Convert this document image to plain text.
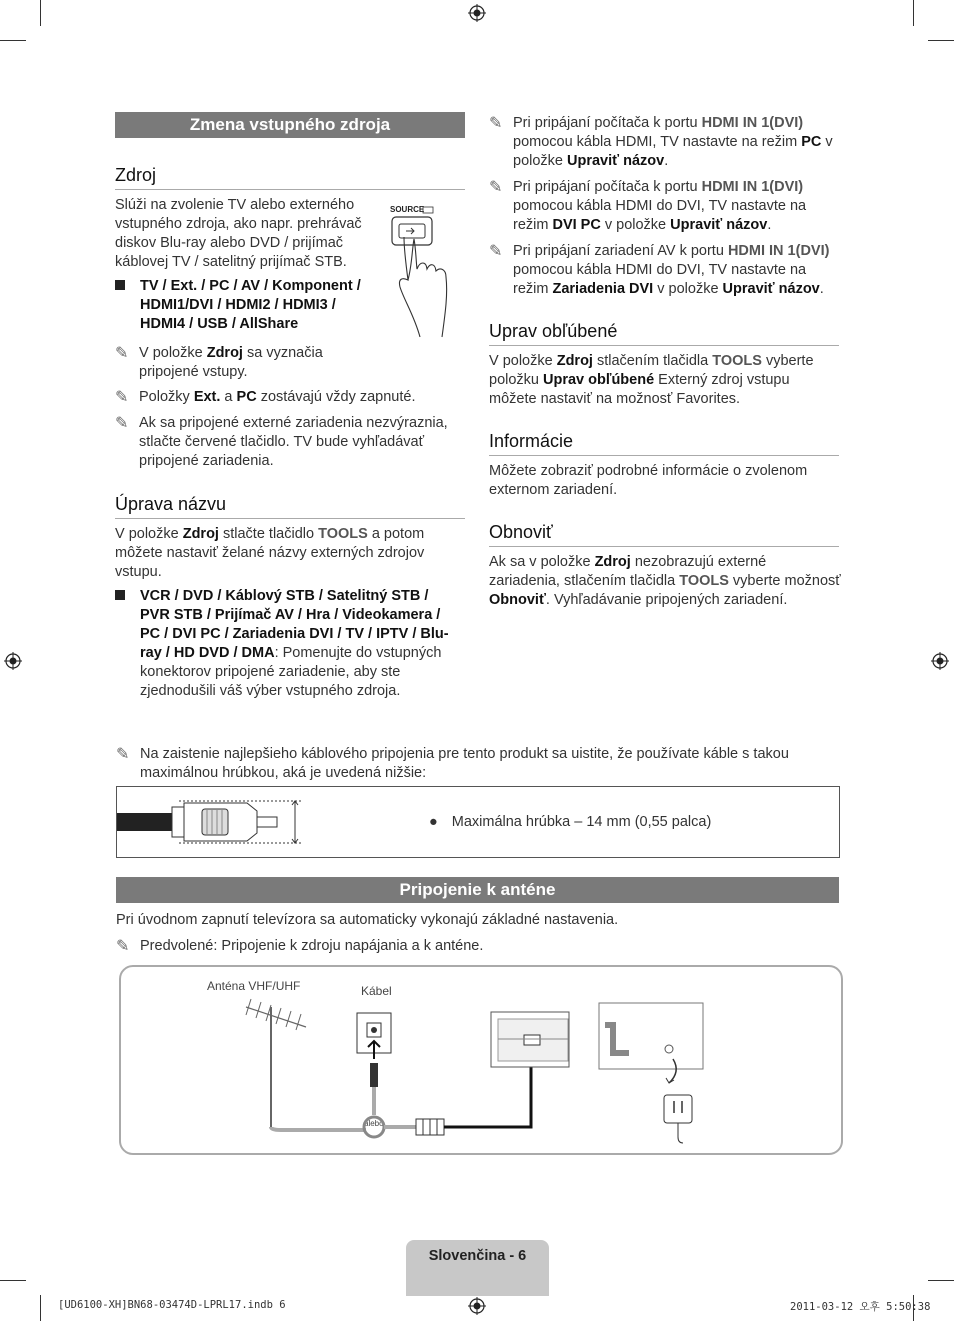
Zmena vstupného zdroja
Zdroj
Slúži na zvolenie TV alebo externého vstupného zdroja, ako napr. prehrávač diskov Blu-ray alebo DVD / prijímač káblovej TV / satelitný prijímač STB.
SOURCE
TV / Ext. / PC / AV / Komponent / HDMI1/DVI / HDMI2 / HDMI3 / HDMI4 / USB / AllShare
✎ V položke Zdroj sa vyznačia pripojené vstupy.
✎ Položky Ext. a PC zostávajú vždy zapnuté.
✎ Ak sa pripojené externé zariadenia nezvýraznia, stlačte červené tlačidlo. TV bude vyhľadávať pripojené zariadenia.
Úprava názvu
V položke Zdroj stlačte tlačidlo TOOLS a potom môžete nastaviť želané názvy externých zdrojov vstupu.
VCR / DVD / Káblový STB / Satelitný STB / PVR STB / Prijímač AV / Hra / Videokamera / PC / DVI PC / Zariadenia DVI / TV / IPTV / Blu-ray / HD DVD / DMA: Pomenujte do vstupných konektorov pripojené zariadenie, aby ste zjednodušili váš výber vstupného zdroja.
✎ Pri pripájaní počítača k portu HDMI IN 1(DVI) pomocou kábla HDMI, TV nastavte na režim PC v položke Upraviť názov.
✎ Pri pripájaní počítača k portu HDMI IN 1(DVI) pomocou kábla HDMI do DVI, TV nastavte na režim DVI PC v položke Upraviť názov.
✎ Pri pripájaní zariadení AV k portu HDMI IN 1(DVI) pomocou kábla HDMI do DVI, TV nastavte na režim Zariadenia DVI v položke Upraviť názov.
Uprav obľúbené
V položke Zdroj stlačením tlačidla TOOLS vyberte položku Uprav obľúbené Externý zdroj vstupu môžete nastaviť na možnosť Favorites.
Informácie
Môžete zobraziť podrobné informácie o zvolenom externom zariadení.
Obnoviť
Ak sa v položke Zdroj nezobrazujú externé zariadenia, stlačením tlačidla TOOLS vyberte možnosť Obnoviť. Vyhľadávanie pripojených zariadení.
✎ Na zaistenie najlepšieho káblového pripojenia pre tento produkt sa uistite, že používate káble s takou maximálnou hrúbkou, aká je uvedená nižšie:
● Maximálna hrúbka – 14 mm (0,55 palca)
Pripojenie k anténe
Pri úvodnom zapnutí televízora sa automaticky vykonajú základné nastavenia.
✎ Predvolené: Pripojenie k zdroju napájania a k anténe.
Anténa VHF/UHF	Kábel
alebo
Slovenčina - 6
[UD6100-XH]BN68-03474D-LPRL17.indb 6	2011-03-12 오후 5:50:38
